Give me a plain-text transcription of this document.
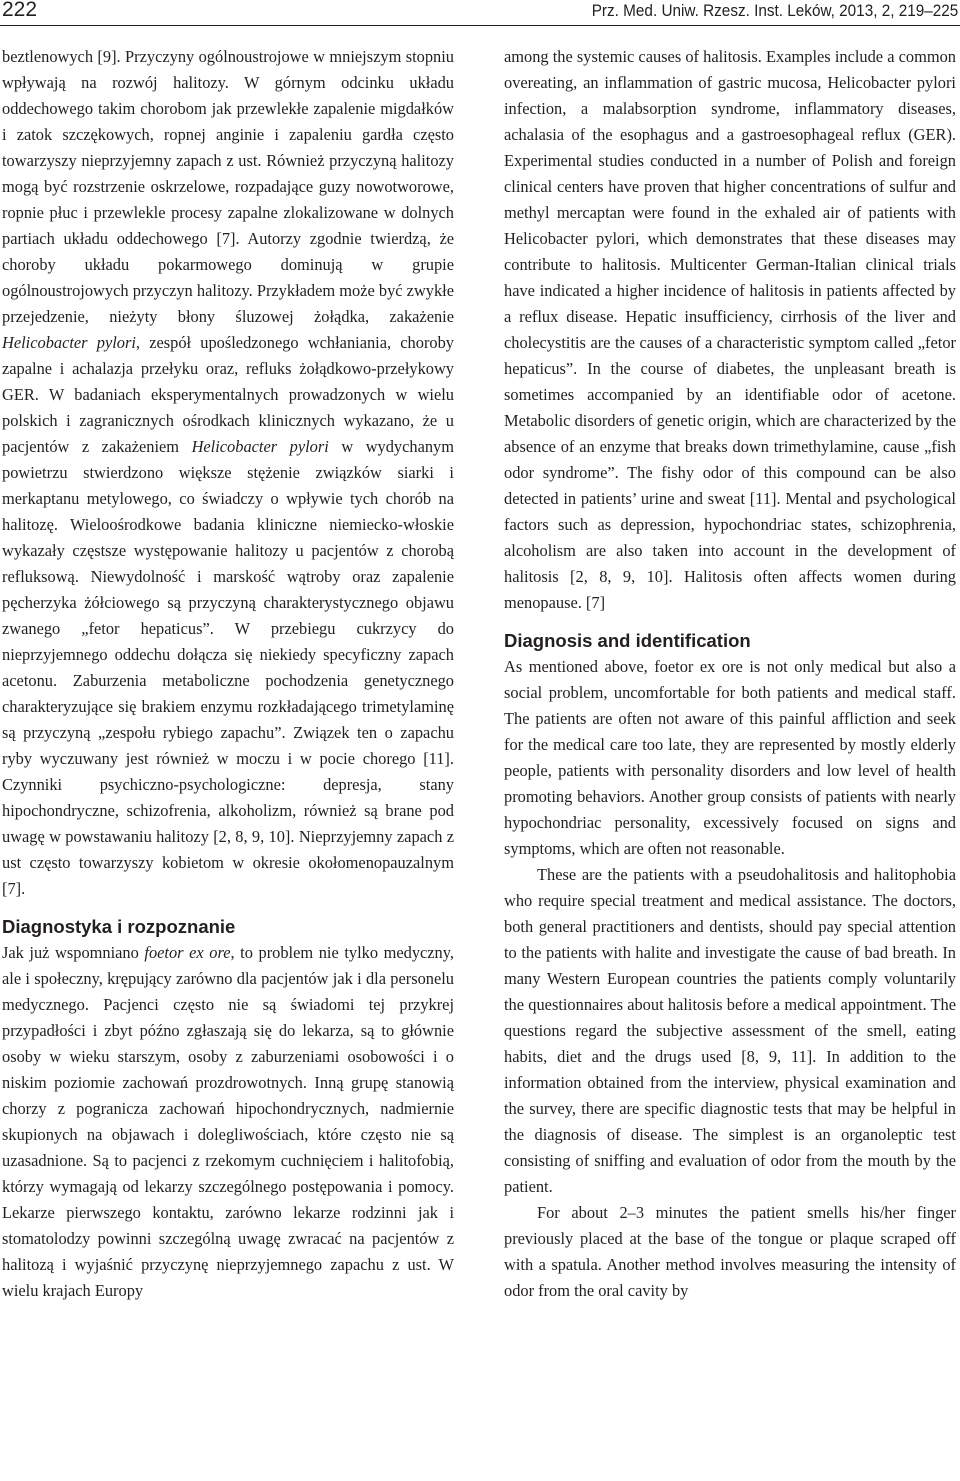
222	Prz. Med. Uniw. Rzesz. Inst. Leków, 2013, 2, 219–225

beztlenowych [9]. Przyczyny ogólnoustrojowe w mniejszym stopniu wpływają na rozwój halitozy. W górnym odcinku układu oddechowego takim chorobom jak przewlekłe zapalenie migdałków i zatok szczękowych, ropnej anginie i zapaleniu gardła często towarzyszy nieprzyjemny zapach z ust. Również przyczyną halitozy mogą być rozstrzenie oskrzelowe, rozpadające guzy nowotworowe, ropnie płuc i przewlekle procesy zapalne zlokalizowane w dolnych partiach układu oddechowego [7]. Autorzy zgodnie twierdzą, że choroby układu pokarmowego dominują w grupie ogólnoustrojowych przyczyn halitozy. Przykładem może być zwykłe przejedzenie, nieżyty błony śluzowej żołądka, zakażenie Helicobacter pylori, zespół upośledzonego wchłaniania, choroby zapalne i achalazja przełyku oraz, refluks żołądkowo-przełykowy GER. W badaniach eksperymentalnych prowadzonych w wielu polskich i zagranicznych ośrodkach klinicznych wykazano, że u pacjentów z zakażeniem Helicobacter pylori w wydychanym powietrzu stwierdzono większe stężenie związków siarki i merkaptanu metylowego, co świadczy o wpływie tych chorób na halitozę. Wieloośrodkowe badania kliniczne niemiecko-włoskie wykazały częstsze występowanie halitozy u pacjentów z chorobą refluksową. Niewydolność i marskość wątroby oraz zapalenie pęcherzyka żółciowego są przyczyną charakterystycznego objawu zwanego „fetor hepaticus”. W przebiegu cukrzycy do nieprzyjemnego oddechu dołącza się niekiedy specyficzny zapach acetonu. Zaburzenia metaboliczne pochodzenia genetycznego charakteryzujące się brakiem enzymu rozkładającego trimetylaminę są przyczyną „zespołu rybiego zapachu”. Związek ten o zapachu ryby wyczuwany jest również w moczu i w pocie chorego [11]. Czynniki psychiczno-psychologiczne: depresja, stany hipochondryczne, schizofrenia, alkoholizm, również są brane pod uwagę w powstawaniu halitozy [2, 8, 9, 10]. Nieprzyjemny zapach z ust często towarzyszy kobietom w okresie okołomenopauzalnym [7].

Diagnostyka i rozpoznanie

Jak już wspomniano foetor ex ore, to problem nie tylko medyczny, ale i społeczny, krępujący zarówno dla pacjentów jak i dla personelu medycznego. Pacjenci często nie są świadomi tej przykrej przypadłości i zbyt późno zgłaszają się do lekarza, są to głównie osoby w wieku starszym, osoby z zaburzeniami osobowości i o niskim poziomie zachowań prozdrowotnych. Inną grupę stanowią chorzy z pogranicza zachowań hipochondrycznych, nadmiernie skupionych na objawach i dolegliwościach, które często nie są uzasadnione. Są to pacjenci z rzekomym cuchnięciem i halitofobią, którzy wymagają od lekarzy szczególnego postępowania i pomocy. Lekarze pierwszego kontaktu, zarówno lekarze rodzinni jak i stomatolodzy powinni szczególną uwagę zwracać na pacjentów z halitozą i wyjaśnić przyczynę nieprzyjemnego zapachu z ust. W wielu krajach Europy

among the systemic causes of halitosis. Examples include a common overeating, an inflammation of gastric mucosa, Helicobacter pylori infection, a malabsorption syndrome, inflammatory diseases, achalasia of the esophagus and a gastroesophageal reflux (GER). Experimental studies conducted in a number of Polish and foreign clinical centers have proven that higher concentrations of sulfur and methyl mercaptan were found in the exhaled air of patients with Helicobacter pylori, which demonstrates that these diseases may contribute to halitosis. Multicenter German-Italian clinical trials have indicated a higher incidence of halitosis in patients affected by a reflux disease. Hepatic insufficiency, cirrhosis of the liver and cholecystitis are the causes of a characteristic symptom called „fetor hepaticus”. In the course of diabetes, the unpleasant breath is sometimes accompanied by an identifiable odor of acetone. Metabolic disorders of genetic origin, which are characterized by the absence of an enzyme that breaks down trimethylamine, cause „fish odor syndrome”. The fishy odor of this compound can be also detected in patients’ urine and sweat [11]. Mental and psychological factors such as depression, hypochondriac states, schizophrenia, alcoholism are also taken into account in the development of halitosis [2, 8, 9, 10]. Halitosis often affects women during menopause. [7]

Diagnosis and identification

As mentioned above, foetor ex ore is not only medical but also a social problem, uncomfortable for both patients and medical staff. The patients are often not aware of this painful affliction and seek for the medical care too late, they are represented by mostly elderly people, patients with personality disorders and low level of health promoting behaviors. Another group consists of patients with nearly hypochondriac personality, excessively focused on signs and symptoms, which are often not reasonable.

These are the patients with a pseudohalitosis and halitophobia who require special treatment and medical assistance. The doctors, both general practitioners and dentists, should pay special attention to the patients with halite and investigate the cause of bad breath. In many Western European countries the patients comply voluntarily the questionnaires about halitosis before a medical appointment. The questions regard the subjective assessment of the smell, eating habits, diet and the drugs used [8, 9, 11]. In addition to the information obtained from the interview, physical examination and the survey, there are specific diagnostic tests that may be helpful in the diagnosis of disease. The simplest is an organoleptic test consisting of sniffing and evaluation of odor from the mouth by the patient.

For about 2–3 minutes the patient smells his/her finger previously placed at the base of the tongue or plaque scraped off with a spatula. Another method involves measuring the intensity of odor from the oral cavity by
